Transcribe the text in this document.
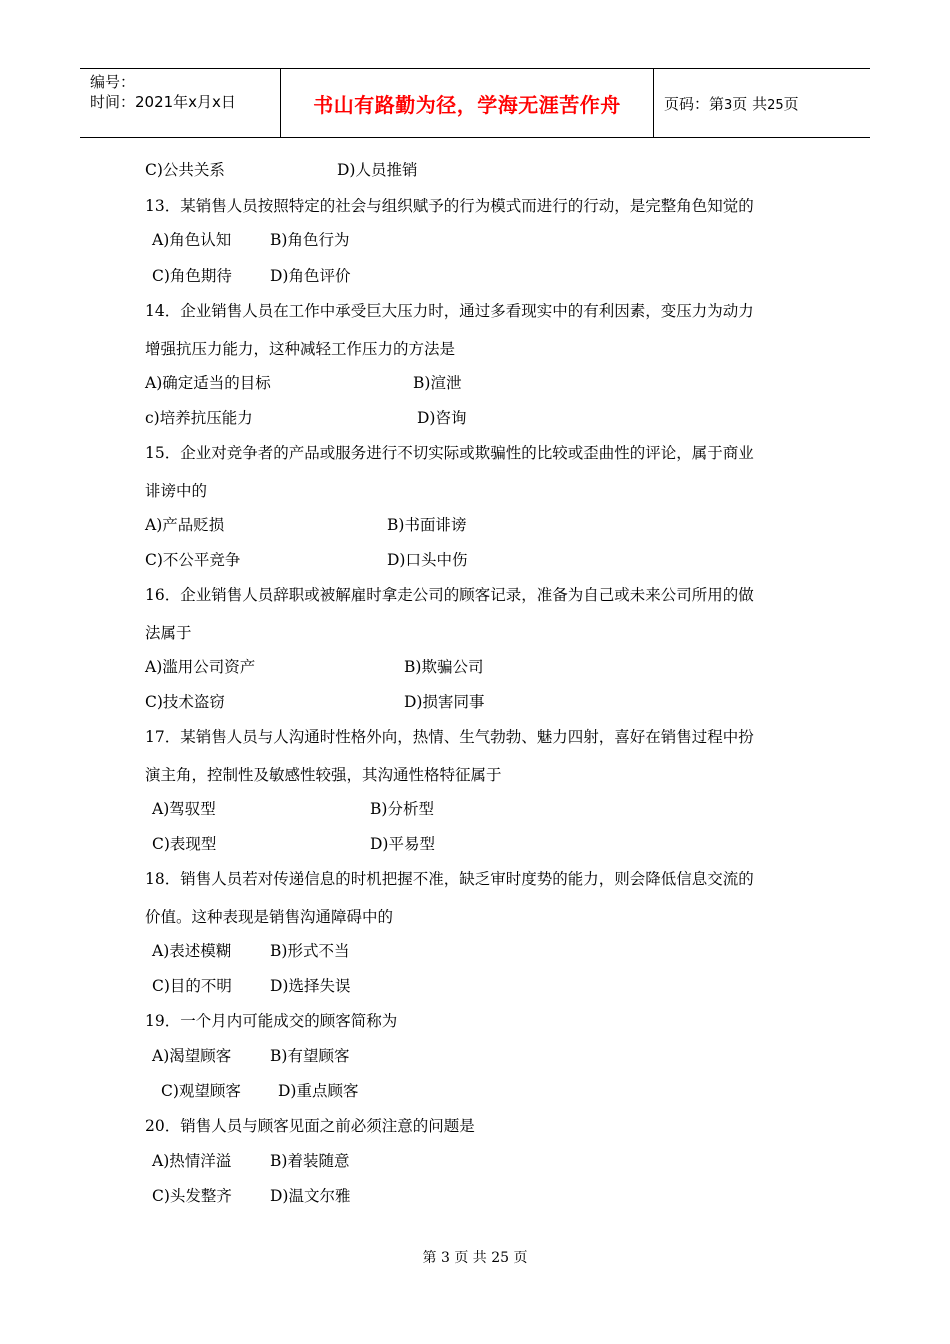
编号：
时间：2021年x月x日	书山有路勤为径，学海无涯苦作舟	页码：第3页 共25页
C)公共关系	D)人员推销
13．某销售人员按照特定的社会与组织赋予的行为模式而进行的行动，是完整角色知觉的
A)角色认知	B)角色行为
C)角色期待 D)角色评价
14．企业销售人员在工作中承受巨大压力时，通过多看现实中的有利因素，变压力为动力
增强抗压力能力，这种减轻工作压力的方法是
A)确定适当的目标	B)渲泄
c)培养抗压能力	D)咨询
15．企业对竞争者的产品或服务进行不切实际或欺骗性的比较或歪曲性的评论，属于商业
诽谤中的
A)产品贬损	B)书面诽谤
C)不公平竞争	D)口头中伤
16．企业销售人员辞职或被解雇时拿走公司的顾客记录，准备为自己或未来公司所用的做
法属于
A)滥用公司资产	B)欺骗公司
C)技术盗窃	D)损害同事
17．某销售人员与人沟通时性格外向，热情、生气勃勃、魅力四射，喜好在销售过程中扮
演主角，控制性及敏感性较强，其沟通性格特征属于
A)驾驭型	B)分析型
C)表现型	D)平易型
18．销售人员若对传递信息的时机把握不准，缺乏审时度势的能力，则会降低信息交流的
价值。这种表现是销售沟通障碍中的
A)表述模糊	B)形式不当
C)目的不明 D)选择失误
19．一个月内可能成交的顾客简称为
A)渴望顾客	B)有望顾客
C)观望顾客 D)重点顾客
20．销售人员与顾客见面之前必须注意的问题是
A)热情洋溢	B)着装随意
C)头发整齐 D)温文尔雅
第 3 页 共 25 页
